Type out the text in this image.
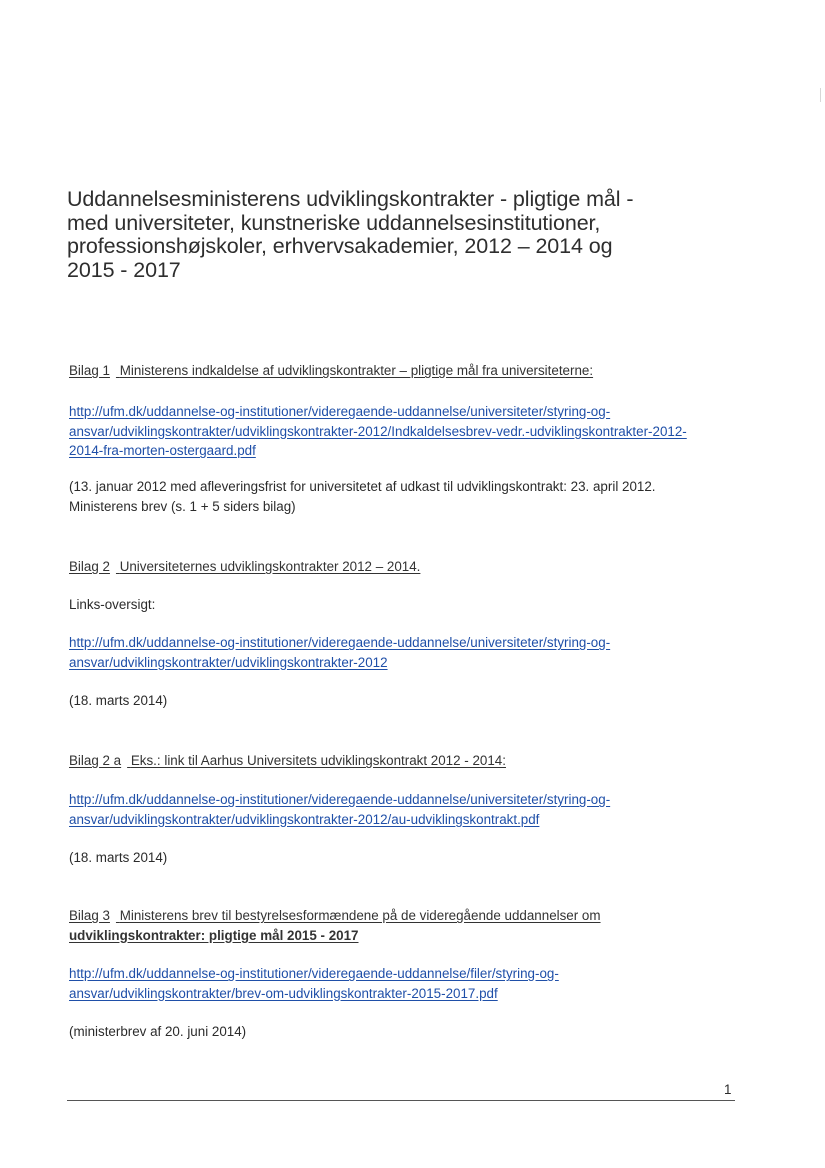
Uddannelsesministerens udviklingskontrakter - pligtige mål -
med universiteter, kunstneriske uddannelsesinstitutioner,
professionshøjskoler, erhvervsakademier, 2012 – 2014 og
2015 - 2017
Bilag 1 Ministerens indkaldelse af udviklingskontrakter – pligtige mål fra universiteterne:
http://ufm.dk/uddannelse-og-institutioner/videregaende-uddannelse/universiteter/styring-og-
ansvar/udviklingskontrakter/udviklingskontrakter-2012/Indkaldelsesbrev-vedr.-udviklingskontrakter-2012-
2014-fra-morten-ostergaard.pdf
(13. januar 2012 med afleveringsfrist for universitetet af udkast til udviklingskontrakt: 23. april 2012.
Ministerens brev (s. 1 + 5 siders bilag)
Bilag 2 Universiteternes udviklingskontrakter 2012 – 2014.
Links-oversigt:
http://ufm.dk/uddannelse-og-institutioner/videregaende-uddannelse/universiteter/styring-og-
ansvar/udviklingskontrakter/udviklingskontrakter-2012
(18. marts 2014)
Bilag 2 a Eks.: link til Aarhus Universitets udviklingskontrakt 2012 - 2014:
http://ufm.dk/uddannelse-og-institutioner/videregaende-uddannelse/universiteter/styring-og-
ansvar/udviklingskontrakter/udviklingskontrakter-2012/au-udviklingskontrakt.pdf
(18. marts 2014)
Bilag 3 Ministerens brev til bestyrelsesformændene på de videregående uddannelser om
udviklingskontrakter: pligtige mål 2015 - 2017
http://ufm.dk/uddannelse-og-institutioner/videregaende-uddannelse/filer/styring-og-
ansvar/udviklingskontrakter/brev-om-udviklingskontrakter-2015-2017.pdf
(ministerbrev af 20. juni 2014)
1
